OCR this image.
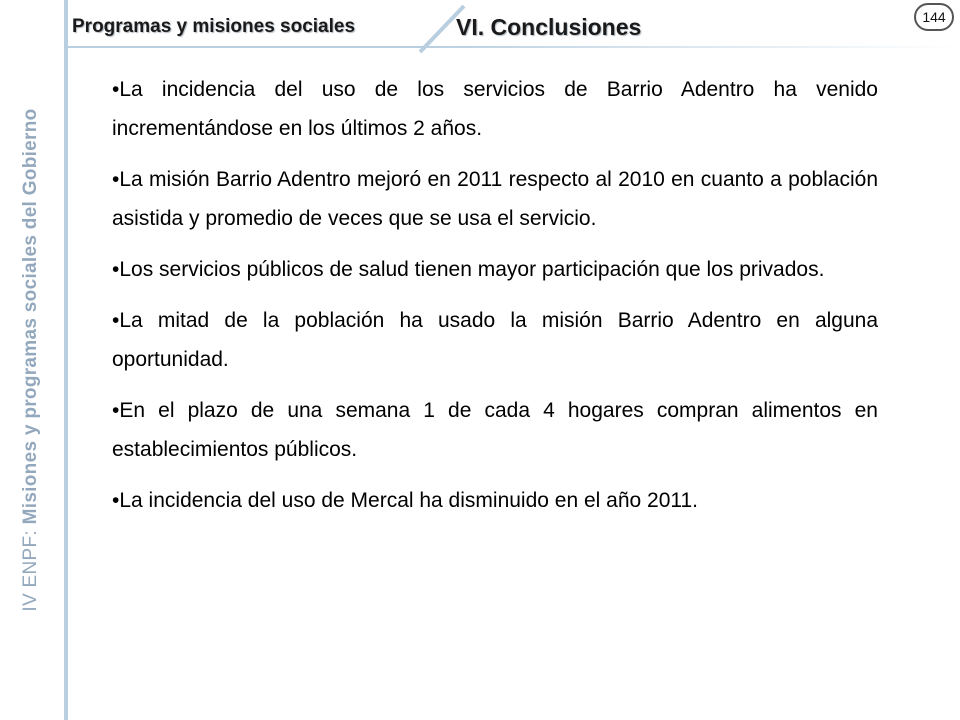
IV ENPF: Misiones y programas sociales del Gobierno
Programas y misiones sociales	VI. Conclusiones	144

•La incidencia del uso de los servicios de Barrio Adentro ha venido incrementándose en los últimos 2 años.

•La misión Barrio Adentro mejoró en 2011 respecto al 2010 en cuanto a población asistida y promedio de veces que se usa el servicio.

•Los servicios públicos de salud tienen mayor participación que los privados.

•La mitad de la población ha usado la misión Barrio Adentro en alguna oportunidad.

•En el plazo de una semana 1 de cada 4 hogares compran alimentos en establecimientos públicos.

•La incidencia del uso de Mercal ha disminuido en el año 2011.
